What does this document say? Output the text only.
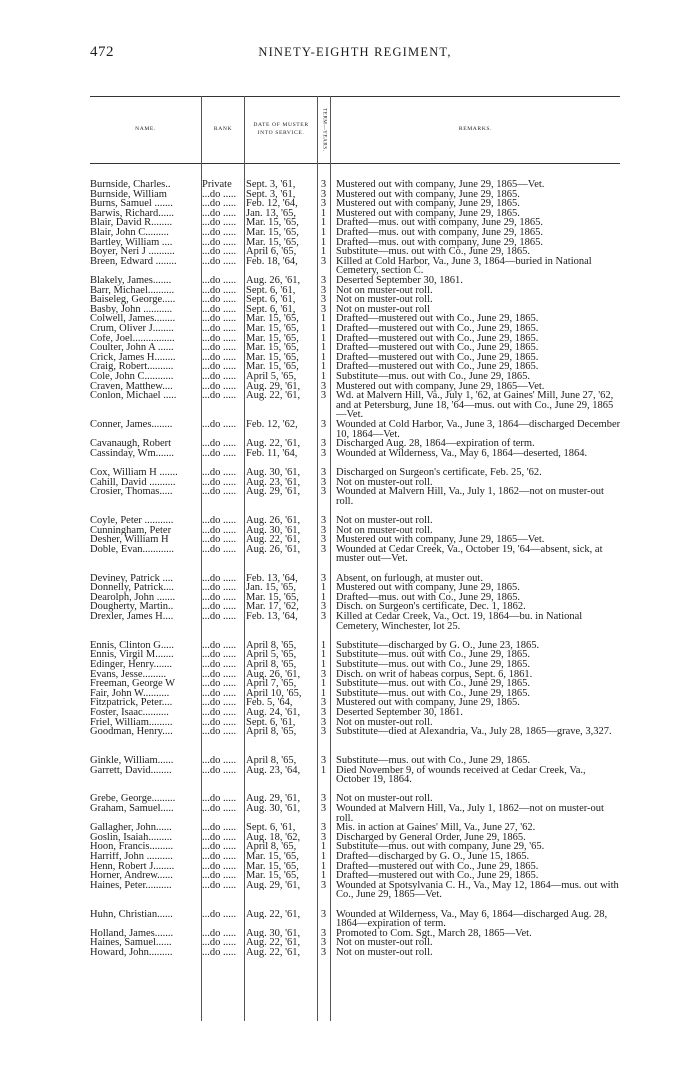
472	NINETY-EIGHTH REGIMENT,
NAME.	RANK
DATE OF MUSTER INTO SERVICE.	TERM—YEARS.	REMARKS.
Burnside, Charles..	Private	Sept. 3, '61,	3 Mustered out with company, June 29, 1865—Vet.
Burnside, William	...do ..... Sept. 3, '61,	3 Mustered out with company, June 29, 1865.
Burns, Samuel .......	...do ..... Feb. 12, '64,	3 Mustered out with company, June 29, 1865.
Barwis, Richard......	...do ..... Jan. 13, '65,	1 Mustered out with company, June 29, 1865.
Blair, David R........	...do ..... Mar. 15, '65,	1 Drafted—mus. out with company, June 29, 1865.
Blair, John C.........	...do ..... Mar. 15, '65,	1 Drafted—mus. out with company, June 29, 1865.
Bartley, William ....	...do ..... Mar. 15, '65,	1 Drafted—mus. out with company, June 29, 1865.
Boyer, Neri J ..........	...do ..... April 6, '65,	1 Substitute—mus. out with Co., June 29, 1865.
Breen, Edward ........	...do ..... Feb. 18, '64,	3 Killed at Cold Harbor, Va., June 3, 1864—buried in National Cemetery, section C.
Blakely, James.......	...do ..... Aug. 26, '61,	3 Deserted September 30, 1861.
Barr, Michael..........	...do ..... Sept. 6, '61,	3 Not on muster-out roll.
Baiseleg, George.....	...do ..... Sept. 6, '61,	3 Not on muster-out roll.
Basby, John ...........	...do ..... Sept. 6, '61,	3 Not on muster-out roll
Colwell, James........	...do ..... Mar. 15, '65,	1 Drafted—mustered out with Co., June 29, 1865.
Crum, Oliver J........	...do ..... Mar. 15, '65,	1 Drafted—mustered out with Co., June 29, 1865.
Cofe, Joel................	...do ..... Mar. 15, '65,	1 Drafted—mustered out with Co., June 29, 1865.
Coulter, John A ......	...do ..... Mar. 15, '65,	1 Drafted—mustered out with Co., June 29, 1865.
Crick, James H........	...do ..... Mar. 15, '65,	1 Drafted—mustered out with Co., June 29, 1865.
Craig, Robert..........	...do ..... Mar. 15, '65,	1 Drafted—mustered out with Co., June 29, 1865.
Cole, John C...........	...do ..... April 5, '65,	1 Substitute—mus. out with Co., June 29, 1865.
Craven, Matthew....	...do ..... Aug. 29, '61,	3 Mustered out with company, June 29, 1865—Vet.
Conlon, Michael .....	...do ..... Aug. 22, '61,	3 Wd. at Malvern Hill, Va., July 1, '62, at Gaines' Mill, June 27, '62, and at Petersburg, June 18, '64—mus. out with Co., June 29, 1865—Vet.
Conner, James........	...do ..... Feb. 12, '62,	3 Wounded at Cold Harbor, Va., June 3, 1864—discharged December 10, 1864—Vet.
Cavanaugh, Robert	...do ..... Aug. 22, '61,	3 Discharged Aug. 28, 1864—expiration of term.
Cassinday, Wm.......	...do ..... Feb. 11, '64,	3 Wounded at Wilderness, Va., May 6, 1864—deserted, 1864.
Cox, William H .......	...do ..... Aug. 30, '61,	3 Discharged on Surgeon's certificate, Feb. 25, '62.
Cahill, David ..........	...do ..... Aug. 23, '61,	3 Not on muster-out roll.
Crosier, Thomas.....	...do ..... Aug. 29, '61,	3 Wounded at Malvern Hill, Va., July 1, 1862—not on muster-out roll.
Coyle, Peter ...........	...do ..... Aug. 26, '61,	3 Not on muster-out roll.
Cunningham, Peter	...do ..... Aug. 30, '61,	3 Not on muster-out roll.
Desher, William H	...do ..... Aug. 22, '61,	3 Mustered out with company, June 29, 1865—Vet.
Doble, Evan............	...do ..... Aug. 26, '61,	3 Wounded at Cedar Creek, Va., October 19, '64—absent, sick, at muster out—Vet.
Deviney, Patrick ....	...do ..... Feb. 13, '64,	3 Absent, on furlough, at muster out.
Donnelly, Patrick....	...do ..... Jan. 15, '65,	1 Mustered out with company, June 29, 1865.
Dearolph, John .......	...do ..... Mar. 15, '65,	1 Drafted—mus. out with Co., June 29, 1865.
Dougherty, Martin..	...do ..... Mar. 17, '62,	3 Disch. on Surgeon's certificate, Dec. 1, 1862.
Drexler, James H....	...do ..... Feb. 13, '64,	3 Killed at Cedar Creek, Va., Oct. 19, 1864—bu. in National Cemetery, Winchester, lot 25.
Ennis, Clinton G.....	...do ..... April 8, '65,	1 Substitute—discharged by G. O., June 23, 1865.
Ennis, Virgil M.......	...do ..... April 5, '65,	1 Substitute—mus. out with Co., June 29, 1865.
Edinger, Henry.......	...do ..... April 8, '65,	1 Substitute—mus. out with Co., June 29, 1865.
Evans, Jesse.........	...do ..... Aug. 26, '61,	3 Disch. on writ of habeas corpus, Sept. 6, 1861.
Freeman, George W	...do ..... April 7, '65,	1 Substitute—mus. out with Co., June 29, 1865.
Fair, John W..........	...do ..... April 10, '65,	1 Substitute—mus. out with Co., June 29, 1865.
Fitzpatrick, Peter....	...do ..... Feb. 5, '64,	3 Mustered out with company, June 29, 1865.
Foster, Isaac..........	...do ..... Aug. 24, '61,	3 Deserted September 30, 1861.
Friel, William.........	...do ..... Sept. 6, '61,	3 Not on muster-out roll.
Goodman, Henry....	...do ..... April 8, '65,	3 Substitute—died at Alexandria, Va., July 28, 1865—grave, 3,327.
Ginkle, William......	...do ..... April 8, '65,	3 Substitute—mus. out with Co., June 29, 1865.
Garrett, David........	...do ..... Aug. 23, '64,	1 Died November 9, of wounds received at Cedar Creek, Va., October 19, 1864.
Grebe, George.........	...do ..... Aug. 29, '61,	3 Not on muster-out roll.
Graham, Samuel.....	...do ..... Aug. 30, '61,	3 Wounded at Malvern Hill, Va., July 1, 1862—not on muster-out roll.
Gallagher, John......	...do ..... Sept. 6, '61,	3 Mis. in action at Gaines' Mill, Va., June 27, '62.
Goslin, Isaiah.........	...do ..... Aug. 18, '62,	3 Discharged by General Order, June 29, 1865.
Hoon, Francis.........	...do ..... April 8, '65,	1 Substitute—mus. out with company, June 29, '65.
Harriff, John ..........	...do ..... Mar. 15, '65,	1 Drafted—discharged by G. O., June 15, 1865.
Henn, Robert J........	...do ..... Mar. 15, '65,	1 Drafted—mustered out with Co., June 29, 1865.
Horner, Andrew......	...do ..... Mar. 15, '65,	1 Drafted—mustered out with Co., June 29, 1865.
Haines, Peter..........	...do ..... Aug. 29, '61,	3 Wounded at Spotsylvania C. H., Va., May 12, 1864—mus. out with Co., June 29, 1865—Vet.
Huhn, Christian......	...do ..... Aug. 22, '61,	3 Wounded at Wilderness, Va., May 6, 1864—discharged Aug. 28, 1864—expiration of term.
Holland, James.......	...do ..... Aug. 30, '61,	3 Promoted to Com. Sgt., March 28, 1865—Vet.
Haines, Samuel......	...do ..... Aug. 22, '61,	3 Not on muster-out roll.
Howard, John.........	...do ..... Aug. 22, '61,	3 Not on muster-out roll.
